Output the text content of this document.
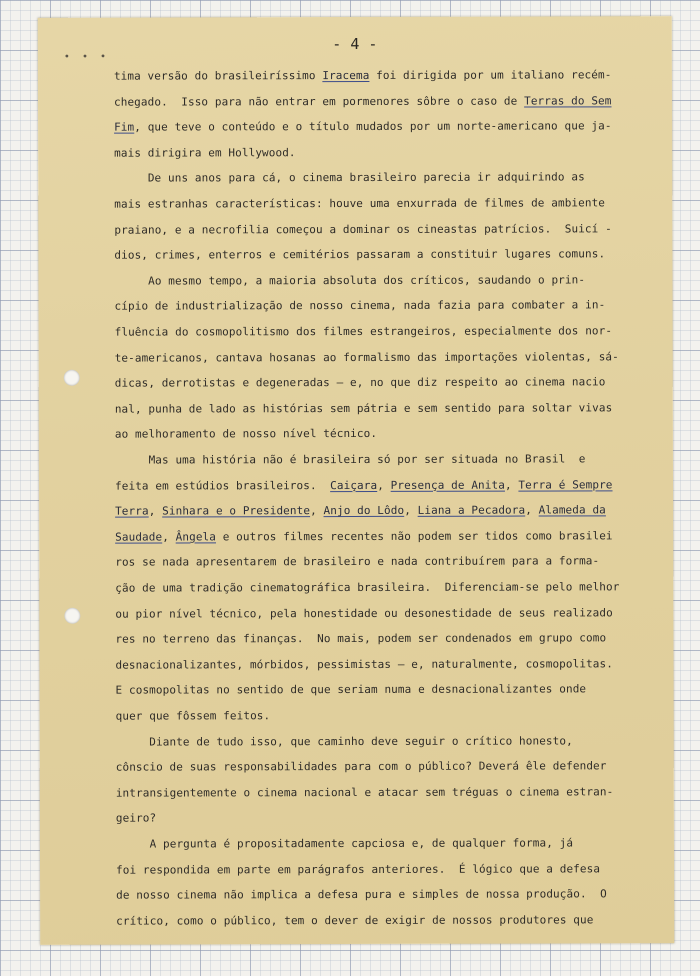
• • •
- 4 -
tima versão do brasileiríssimo Iracema foi dirigida por um italiano recém-
chegado.  Isso para não entrar em pormenores sôbre o caso de Terras do Sem
Fim, que teve o conteúdo e o título mudados por um norte-americano que ja-
mais dirigira em Hollywood.
De uns anos para cá, o cinema brasileiro parecia ir adquirindo as
mais estranhas características: houve uma enxurrada de filmes de ambiente
praiano, e a necrofilia começou a dominar os cineastas patrícios.  Suicí -
dios, crimes, enterros e cemitérios passaram a constituir lugares comuns.
Ao mesmo tempo, a maioria absoluta dos críticos, saudando o prin-
cípio de industrialização de nosso cinema, nada fazia para combater a in-
fluência do cosmopolitismo dos filmes estrangeiros, especialmente dos nor-
te-americanos, cantava hosanas ao formalismo das importações violentas, sá-
dicas, derrotistas e degeneradas — e, no que diz respeito ao cinema nacio
nal, punha de lado as histórias sem pátria e sem sentido para soltar vivas
ao melhoramento de nosso nível técnico.
Mas uma história não é brasileira só por ser situada no Brasil  e
feita em estúdios brasileiros.  Caiçara, Presença de Anita, Terra é Sempre
Terra, Sinhara e o Presidente, Anjo do Lôdo, Liana a Pecadora, Alameda da
Saudade, Ângela e outros filmes recentes não podem ser tidos como brasilei
ros se nada apresentarem de brasileiro e nada contribuírem para a forma-
ção de uma tradição cinematográfica brasileira.  Diferenciam-se pelo melhor
ou pior nível técnico, pela honestidade ou desonestidade de seus realizado
res no terreno das finanças.  No mais, podem ser condenados em grupo como
desnacionalizantes, mórbidos, pessimistas — e, naturalmente, cosmopolitas.
E cosmopolitas no sentido de que seriam numa e desnacionalizantes onde
quer que fôssem feitos.
Diante de tudo isso, que caminho deve seguir o crítico honesto,
cônscio de suas responsabilidades para com o público? Deverá êle defender
intransigentemente o cinema nacional e atacar sem tréguas o cinema estran-
geiro?
A pergunta é propositadamente capciosa e, de qualquer forma, já
foi respondida em parte em parágrafos anteriores.  É lógico que a defesa
de nosso cinema não implica a defesa pura e simples de nossa produção.  O
crítico, como o público, tem o dever de exigir de nossos produtores que
